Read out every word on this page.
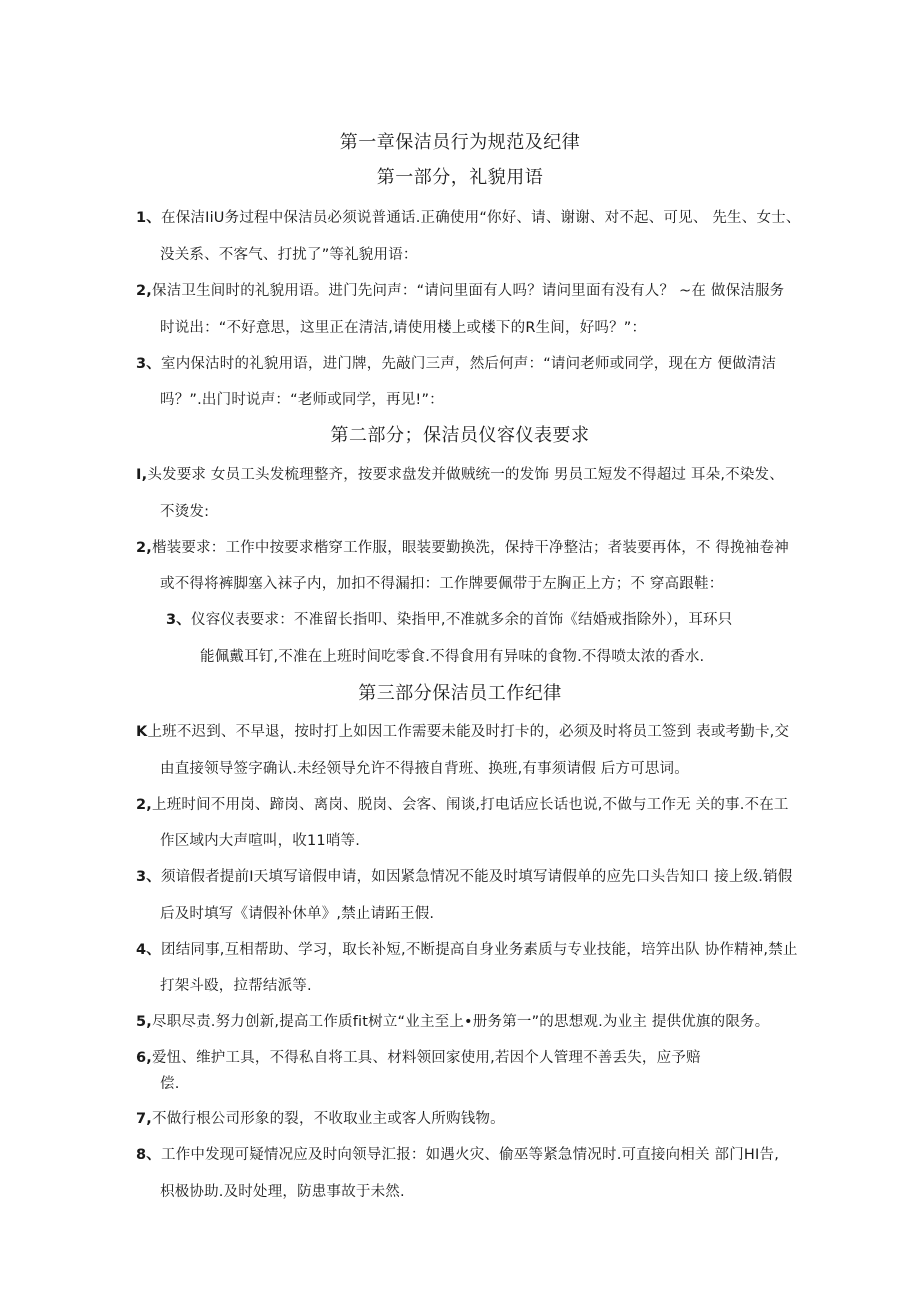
第一章保洁员行为规范及纪律
第一部分，礼貌用语
1、在保洁IiU务过程中保洁员必须说普通话.正确使用“你好、请、谢谢、对不起、可见、 先生、女士、
没关系、不客气、打扰了”等礼貌用语：
2,保洁卫生间时的礼貌用语。进门先问声：“请问里面有人吗？请问里面有没有人？ ~在 做保洁服务
时说出：“不好意思，这里正在清洁,请使用楼上或楼下的R生间，好吗？”：
3、室内保沽时的礼貌用语，进门牌，先敲门三声，然后何声：“请问老师或同学，现在方 便做清洁
吗？”.出门时说声：“老师或同学，再见!”：
第二部分；保洁员仪容仪表要求
I,头发要求 女员工头发梳理整齐，按要求盘发并做贼统一的发饰 男员工短发不得超过 耳朵,不染发、
不烫发:
2,楷装要求：工作中按要求楷穿工作服，眼装要勤换洗，保持干净整沽；者装要再体，不 得挽袖卷神
或不得将裤脚塞入袜子内，加扣不得漏扣：工作牌要佩带于左胸正上方；不 穿高跟鞋：
3、仪容仪表要求：不准留长指叩、染指甲,不准就多余的首饰《结婚戒指除外），耳环只
能佩戴耳钉,不准在上班时间吃零食.不得食用有异味的食物.不得喷太浓的香水.
第三部分保洁员工作纪律
K上班不迟到、不早退，按时打上如因工作需要未能及时打卡的，必须及时将员工签到 表或考勤卡,交
由直接领导签字确认.未经领导允许不得掖自背班、换班,有事须请假 后方可思词。
2,上班时间不用岗、蹄岗、离岗、脱岗、会客、闱谈,打电话应长话也说,不做与工作无 关的事.不在工
作区域内大声喧叫，收11哨等.
3、须谙假者提前I天填写谙假申请，如因紧急情况不能及时填写请假单的应先口头告知口 接上级.销假
后及时填写《请假补休单》,禁止请跖王假.
4、团结同事,互相帮助、学习，取长补短,不断提高自身业务素质与专业技能，培笄出队 协作精神,禁止
打架斗殴，拉帮结派等.
5,尽职尽责.努力创新,提高工作质fit树立“业主至上•册务第一”的思想观.为业主 提供优旗的限务。
6,爱忸、维护工具，不得私自将工具、材料领回家使用,若因个人管理不善丢失，应予赔
偿.
7,不做行根公司形象的裂，不收取业主或客人所购钱物。
8、工作中发现可疑情况应及时向领导汇报：如遇火灾、偷巫等紧急情况时.可直接向相关 部门HI告,
枳极协助.及时处理，防患事故于未然.
